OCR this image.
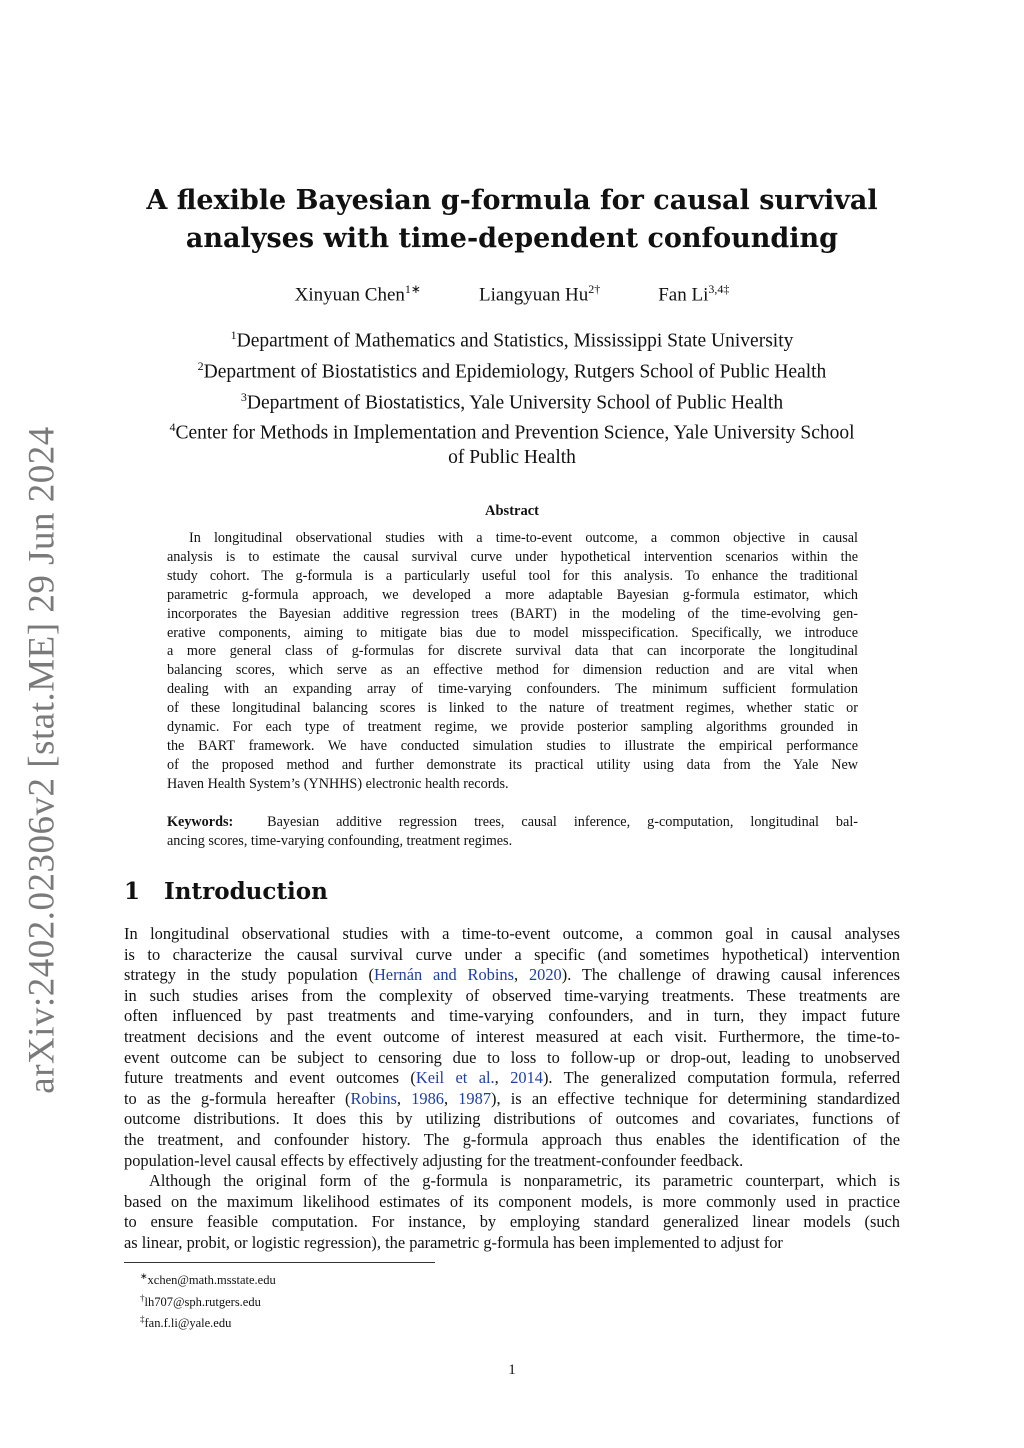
arXiv:2402.02306v2 [stat.ME] 29 Jun 2024
A flexible Bayesian g-formula for causal survival
analyses with time-dependent confounding
Xinyuan Chen$^{1∗}$	Liangyuan $Hu^{2\dagger}$	Fan $Li^{3,4\ddagger}$
$^1$Department of Mathematics and Statistics, Mississippi State University
$^2$Department of Biostatistics and Epidemiology, Rutgers School of Public Health
$^3$Department of Biostatistics, Yale University School of Public Health
$^4$Center for Methods in Implementation and Prevention Science, Yale University School
of Public Health
Abstract
In longitudinal observational studies with a time-to-event outcome, a common objective in causal
analysis is to estimate the causal survival curve under hypothetical intervention scenarios within the
study cohort. The g-formula is a particularly useful tool for this analysis. To enhance the traditional
parametric g-formula approach, we developed a more adaptable Bayesian g-formula estimator, which
incorporates the Bayesian additive regression trees (BART) in the modeling of the time-evolving gen-
erative components, aiming to mitigate bias due to model misspecification. Specifically, we introduce
a more general class of g-formulas for discrete survival data that can incorporate the longitudinal
balancing scores, which serve as an effective method for dimension reduction and are vital when
dealing with an expanding array of time-varying confounders. The minimum sufficient formulation
of these longitudinal balancing scores is linked to the nature of treatment regimes, whether static or
dynamic. For each type of treatment regime, we provide posterior sampling algorithms grounded in
the BART framework. We have conducted simulation studies to illustrate the empirical performance
of the proposed method and further demonstrate its practical utility using data from the Yale New
Haven Health System’s (YNHHS) electronic health records.
Keywords: Bayesian additive regression trees, causal inference, g-computation, longitudinal bal-
ancing scores, time-varying confounding, treatment regimes.
1 Introduction
In longitudinal observational studies with a time-to-event outcome, a common goal in causal analyses
is to characterize the causal survival curve under a specific (and sometimes hypothetical) intervention
strategy in the study population (Hernán and Robins, 2020). The challenge of drawing causal inferences
in such studies arises from the complexity of observed time-varying treatments. These treatments are
often influenced by past treatments and time-varying confounders, and in turn, they impact future
treatment decisions and the event outcome of interest measured at each visit. Furthermore, the time-to-
event outcome can be subject to censoring due to loss to follow-up or drop-out, leading to unobserved
future treatments and event outcomes (Keil et al., 2014). The generalized computation formula, referred
to as the g-formula hereafter (Robins, 1986, 1987), is an effective technique for determining standardized
outcome distributions. It does this by utilizing distributions of outcomes and covariates, functions of
the treatment, and confounder history. The g-formula approach thus enables the identification of the
population-level causal effects by effectively adjusting for the treatment-confounder feedback.
Although the original form of the g-formula is nonparametric, its parametric counterpart, which is
based on the maximum likelihood estimates of its component models, is more commonly used in practice
to ensure feasible computation. For instance, by employing standard generalized linear models (such
as linear, probit, or logistic regression), the parametric g-formula has been implemented to adjust for
∗xchen@math.msstate.edu
†lh707@sph.rutgers.edu
‡fan.f.li@yale.edu
1
